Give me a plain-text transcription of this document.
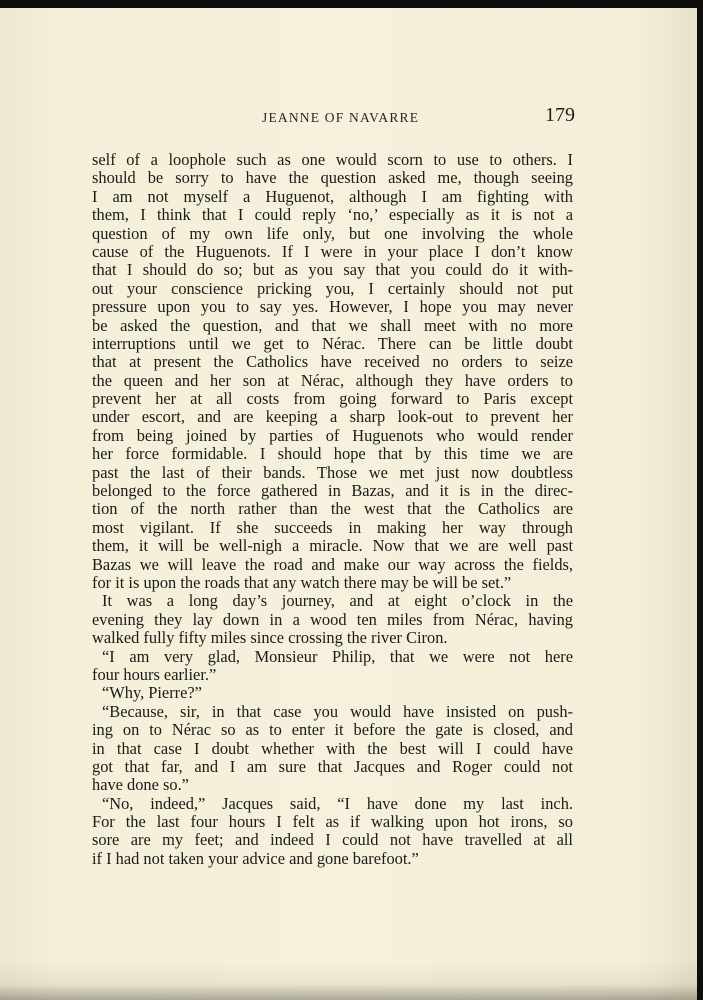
JEANNE OF NAVARRE	179
self of a loophole such as one would scorn to use to others. I
should be sorry to have the question asked me, though seeing
I am not myself a Huguenot, although I am fighting with
them, I think that I could reply ‘no,’ especially as it is not a
question of my own life only, but one involving the whole
cause of the Huguenots. If I were in your place I don’t know
that I should do so; but as you say that you could do it with-
out your conscience pricking you, I certainly should not put
pressure upon you to say yes. However, I hope you may never
be asked the question, and that we shall meet with no more
interruptions until we get to Nérac. There can be little doubt
that at present the Catholics have received no orders to seize
the queen and her son at Nérac, although they have orders to
prevent her at all costs from going forward to Paris except
under escort, and are keeping a sharp look-out to prevent her
from being joined by parties of Huguenots who would render
her force formidable. I should hope that by this time we are
past the last of their bands. Those we met just now doubtless
belonged to the force gathered in Bazas, and it is in the direc-
tion of the north rather than the west that the Catholics are
most vigilant. If she succeeds in making her way through
them, it will be well-nigh a miracle. Now that we are well past
Bazas we will leave the road and make our way across the fields,
for it is upon the roads that any watch there may be will be set.”
It was a long day’s journey, and at eight o’clock in the
evening they lay down in a wood ten miles from Nérac, having
walked fully fifty miles since crossing the river Ciron.
“I am very glad, Monsieur Philip, that we were not here
four hours earlier.”
“Why, Pierre?”
“Because, sir, in that case you would have insisted on push-
ing on to Nérac so as to enter it before the gate is closed, and
in that case I doubt whether with the best will I could have
got that far, and I am sure that Jacques and Roger could not
have done so.”
“No, indeed,” Jacques said, “I have done my last inch.
For the last four hours I felt as if walking upon hot irons, so
sore are my feet; and indeed I could not have travelled at all
if I had not taken your advice and gone barefoot.”
